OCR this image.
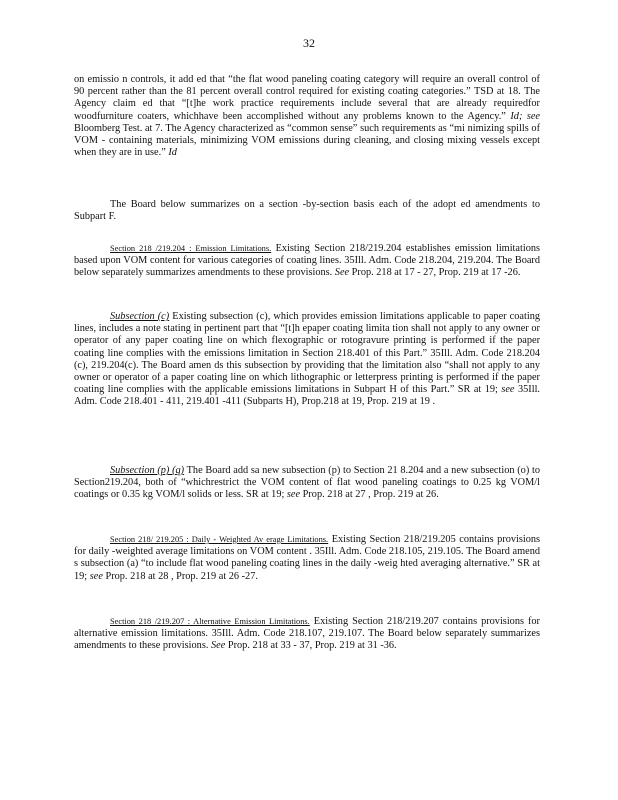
32

on emissio n controls, it add ed that “the flat wood paneling coating category will require an overall control of 90 percent rather than the 81 percent overall control required for existing coating categories.” TSD at 18. The Agency claim ed that “[t]he work practice requirements include several that are already requiredfor woodfurniture coaters, whichhave been accomplished without any problems known to the Agency.” Id; see Bloomberg Test. at 7. The Agency characterized as “common sense” such requirements as “mi nimizing spills of VOM - containing materials, minimizing VOM emissions during cleaning, and closing mixing vessels except when they are in use.” Id

The Board below summarizes on a section -by-section basis each of the adopt ed amendments to Subpart F.

Section 218 /219.204 : Emission Limitations. Existing Section 218/219.204 establishes emission limitations based upon VOM content for various categories of coating lines. 35Ill. Adm. Code 218.204, 219.204. The Board below separately summarizes amendments to these provisions. See Prop. 218 at 17 - 27, Prop. 219 at 17 -26.

Subsection (c) Existing subsection (c), which provides emission limitations applicable to paper coating lines, includes a note stating in pertinent part that “[t]h epaper coating limita tion shall not apply to any owner or operator of any paper coating line on which flexographic or rotogravure printing is performed if the paper coating line complies with the emissions limitation in Section 218.401 of this Part.” 35Ill. Adm. Code 218.204 (c), 219.204(c). The Board amen ds this subsection by providing that the limitation also “shall not apply to any owner or operator of a paper coating line on which lithographic or letterpress printing is performed if the paper coating line complies with the applicable emissions limitations in Subpart H of this Part.” SR at 19; see 35Ill. Adm. Code 218.401 - 411, 219.401 -411 (Subparts H), Prop.218 at 19, Prop. 219 at 19 .

Subsection (p) (q) The Board add sa new subsection (p) to Section 21 8.204 and a new subsection (o) to Section219.204, both of “whichrestrict the VOM content of flat wood paneling coatings to 0.25 kg VOM/l coatings or 0.35 kg VOM/l solids or less. SR at 19; see Prop. 218 at 27 , Prop. 219 at 26.

Section 218/ 219.205 : Daily - Weighted Av erage Limitations. Existing Section 218/219.205 contains provisions for daily -weighted average limitations on VOM content . 35Ill. Adm. Code 218.105, 219.105. The Board amend s subsection (a) “to include flat wood paneling coating lines in the daily -weig hted averaging alternative.” SR at 19; see Prop. 218 at 28 , Prop. 219 at 26 -27.

Section 218 /219.207 : Alternative Emission Limitations. Existing Section 218/219.207 contains provisions for alternative emission limitations. 35Ill. Adm. Code 218.107, 219.107. The Board below separately summarizes amendments to these provisions. See Prop. 218 at 33 - 37, Prop. 219 at 31 -36.
